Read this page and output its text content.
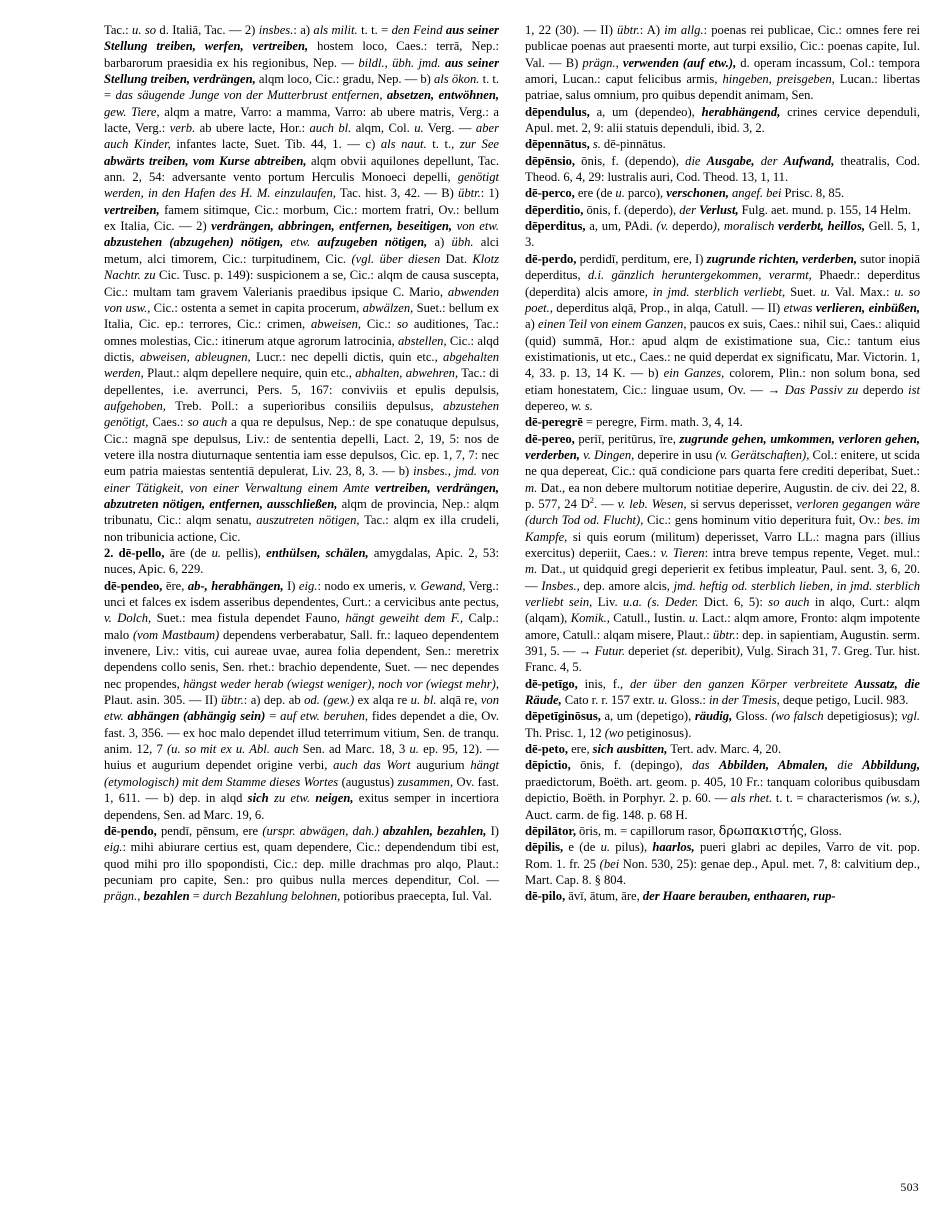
Tac.: u. so d. Italiā, Tac. — 2) insbes.: a) als milit. t. t. = den Feind aus seiner Stellung treiben, werfen, vertreiben, hostem loco, Caes.: terrā, Nep.: barbarorum praesidia ex his regionibus, Nep. — bildl., übh. jmd. aus seiner Stellung treiben, verdrängen, alqm loco, Cic.: gradu, Nep. — b) als ökon. t. t. = das säugende Junge von der Mutterbrust entfernen, absetzen, entwöhnen, gew. Tiere, alqm a matre, Varro: a mamma, Varro: ab ubere matris, Verg.: a lacte, Verg.: verb. ab ubere lacte, Hor.: auch bl. alqm, Col. u. Verg. — aber auch Kinder, infantes lacte, Suet. Tib. 44, 1. — c) als naut. t. t., zur See abwärts treiben, vom Kurse abtreiben, alqm obvii aquilones depellunt, Tac. ann. 2, 54: adversante vento portum Herculis Monoeci depelli, genötigt werden, in den Hafen des H. M. einzulaufen, Tac. hist. 3, 42. — B) übtr.: 1) vertreiben, famem sitimque, Cic.: morbum, Cic.: mortem fratri, Ov.: bellum ex Italia, Cic. — 2) verdrängen, abbringen, entfernen, beseitigen, von etw. abzustehen (abzugehen) nötigen, etw. aufzugeben nötigen, a) übh. alci metum, alci timorem, Cic.: turpitudinem, Cic. (vgl. über diesen Dat. Klotz Nachtr. zu Cic. Tusc. p. 149): suspicionem a se, Cic.: alqm de causa suscepta, Cic.: multam tam gravem Valerianis praedibus ipsique C. Mario, abwenden von usw., Cic.: ostenta a semet in capita procerum, abwälzen, Suet.: bellum ex Italia, Cic. ep.: terrores, Cic.: crimen, abweisen, Cic.: so auditiones, Tac.: omnes molestias, Cic.: itinerum atque agrorum latrocinia, abstellen, Cic.: alqd dictis, abweisen, ableugnen, Lucr.: nec depelli dictis, quin etc., abgehalten werden, Plaut.: alqm depellere nequire, quin etc., abhalten, abwehren, Tac.: di depellentes, i.e. averrunci, Pers. 5, 167: conviviis et epulis depulsis, aufgehoben, Treb. Poll.: a superioribus consiliis depulsus, abzustehen genötigt, Caes.: so auch a qua re depulsus, Nep.: de spe conatuque depulsus, Cic.: magnā spe depulsus, Liv.: de sententia depelli, Lact. 2, 19, 5: nos de vetere illa nostra diuturnaque sententia iam esse depulsos, Cic. ep. 1, 7, 7: nec eum patria maiestas sententiā depulerat, Liv. 23, 8, 3. — b) insbes., jmd. von einer Tätigkeit, von einer Verwaltung einem Amte vertreiben, verdrängen, abzutreten nötigen, entfernen, ausschließen, alqm de provincia, Nep.: alqm tribunatu, Cic.: alqm senatu, auszutreten nötigen, Tac.: alqm ex illa crudeli, non tribunicia actione, Cic.

2. dē-pello, āre (de u. pellis), enthülsen, schälen, amygdalas, Apic. 2, 53: nuces, Apic. 6, 229.

dē-pendeo, ēre, ab-, herabhängen, I) eig.: nodo ex umeris, v. Gewand, Verg.: unci et falces ex isdem asseribus dependentes, Curt.: a cervicibus ante pectus, v. Dolch, Suet.: mea fistula dependet Fauno, hängt geweiht dem F., Calp.: malo (vom Mastbaum) dependens verberabatur, Sall. fr.: laqueo dependentem invenere, Liv.: vitis, cui aureae uvae, aurea folia dependent, Sen.: meretrix dependens collo senis, Sen. rhet.: brachio dependente, Suet. — nec dependes nec propendes, hängst weder herab (wiegst weniger), noch vor (wiegst mehr), Plaut. asin. 305. — II) übtr.: a) dep. ab od. (gew.) ex alqa re u. bl. alqā re, von etw. abhängen (abhängig sein) = auf etw. beruhen, fides dependet a die, Ov. fast. 3, 356. — ex hoc malo dependet illud teterrimum vitium, Sen. de tranqu. anim. 12, 7 (u. so mit ex u. Abl. auch Sen. ad Marc. 18, 3 u. ep. 95, 12). — huius et augurium dependet origine verbi, auch das Wort augurium hängt (etymologisch) mit dem Stamme dieses Wortes (augustus) zusammen, Ov. fast. 1, 611. — b) dep. in alqd sich zu etw. neigen, exitus semper in incertiora dependens, Sen. ad Marc. 19, 6.

dē-pendo, pendī, pēnsum, ere (urspr. abwägen, dah.) abzahlen, bezahlen, I) eig.: mihi abiurare certius est, quam dependere, Cic.: dependendum tibi est, quod mihi pro illo spopondisti, Cic.: dep. mille drachmas pro alqo, Plaut.: pecuniam pro capite, Sen.: pro quibus nulla merces dependitur, Col. — prägn., bezahlen = durch Bezahlung belohnen, potioribus praecepta, Iul. Val.

1, 22 (30). — II) übtr.: A) im allg.: poenas rei publicae, Cic.: omnes fere rei publicae poenas aut praesenti morte, aut turpi exsilio, Cic.: poenas capite, Iul. Val. — B) prägn., verwenden (auf etw.), d. operam incassum, Col.: tempora amori, Lucan.: caput felicibus armis, hingeben, preisgeben, Lucan.: libertas patriae, salus omnium, pro quibus dependit animam, Sen.

dēpendulus, a, um (dependeo), herabhängend, crines cervice dependuli, Apul. met. 2, 9: alii statuis dependuli, ibid. 3, 2.

dēpennātus, s. dē-pinnātus.

dēpēnsio, ōnis, f. (dependo), die Ausgabe, der Aufwand, theatralis, Cod. Theod. 6, 4, 29: lustralis auri, Cod. Theod. 13, 1, 11.

dē-perco, ere (de u. parco), verschonen, angef. bei Prisc. 8, 85.

dēperditio, ōnis, f. (deperdo), der Verlust, Fulg. aet. mund. p. 155, 14 Helm.

dēperditus, a, um, PAdi. (v. deperdo), moralisch verderbt, heillos, Gell. 5, 1, 3.

dē-perdo, perdidī, perditum, ere, I) zugrunde richten, verderben, sutor inopiā deperditus, d.i. gänzlich heruntergekommen, verarmt, Phaedr.: deperditus (deperdita) alcis amore, in jmd. sterblich verliebt, Suet. u. Val. Max.: u. so poet., deperditus alqā, Prop., in alqa, Catull. — II) etwas verlieren, einbüßen, a) einen Teil von einem Ganzen, paucos ex suis, Caes.: nihil sui, Caes.: aliquid (quid) summā, Hor.: apud alqm de existimatione sua, Cic.: tantum eius existimationis, ut etc., Caes.: ne quid deperdat ex significatu, Mar. Victorin. 1, 4, 33. p. 13, 14 K. — b) ein Ganzes, colorem, Plin.: non solum bona, sed etiam honestatem, Cic.: linguae usum, Ov. — → Das Passiv zu deperdo ist depereo, w. s.

dē-peregrē = peregre, Firm. math. 3, 4, 14.

dē-pereo, periī, peritūrus, īre, zugrunde gehen, umkommen, verloren gehen, verderben, v. Dingen, deperire in usu (v. Gerätschaften), Col.: enitere, ut scida ne qua depereat, Cic.: quā condicione pars quarta fere crediti deperibat, Suet.: m. Dat., ea non debere multorum notitiae deperire, Augustin. de civ. dei 22, 8. p. 577, 24 $D^2$. — v. leb. Wesen, si servus deperisset, verloren gegangen wäre (durch Tod od. Flucht), Cic.: gens hominum vitio deperitura fuit, Ov.: bes. im Kampfe, si quis eorum (militum) deperisset, Varro LL.: magna pars (illius exercitus) deperiit, Caes.: v. Tieren: intra breve tempus repente, Veget. mul.: m. Dat., ut quidquid gregi deperierit ex fetibus impleatur, Paul. sent. 3, 6, 20. — Insbes., dep. amore alcis, jmd. heftig od. sterblich lieben, in jmd. sterblich verliebt sein, Liv. u.a. (s. Deder. Dict. 6, 5): so auch in alqo, Curt.: alqm (alqam), Komik., Catull., Iustin. u. Lact.: alqm amore, Fronto: alqm impotente amore, Catull.: alqam misere, Plaut.: übtr.: dep. in sapientiam, Augustin. serm. 391, 5. — → Futur. deperiet (st. deperibit), Vulg. Sirach 31, 7. Greg. Tur. hist. Franc. 4, 5.

dē-petīgo, inis, f., der über den ganzen Körper verbreitete Aussatz, die Räude, Cato r. r. 157 extr. u. Gloss.: in der Tmesis, deque petigo, Lucil. 983.

dēpetīginōsus, a, um (depetigo), räudig, Gloss. (wo falsch depetigiosus); vgl. Th. Prisc. 1, 12 (wo petiginosus).

dē-peto, ere, sich ausbitten, Tert. adv. Marc. 4, 20.

dēpictio, ōnis, f. (depingo), das Abbilden, Abmalen, die Abbildung, praedictorum, Boëth. art. geom. p. 405, 10 Fr.: tanquam coloribus quibusdam depictio, Boëth. in Porphyr. 2. p. 60. — als rhet. t. t. = characterismos (w. s.), Auct. carm. de fig. 148. p. 68 H.

dēpilātor, ōris, m. = capillorum rasor, δρωπακιστής, Gloss.

dēpilis, e (de u. pilus), haarlos, pueri glabri ac depiles, Varro de vit. pop. Rom. 1. fr. 25 (bei Non. 530, 25): genae dep., Apul. met. 7, 8: calvitium dep., Mart. Cap. 8. § 804.

dē-pilo, āvī, ātum, āre, der Haare berauben, enthaaren, rup-

503
